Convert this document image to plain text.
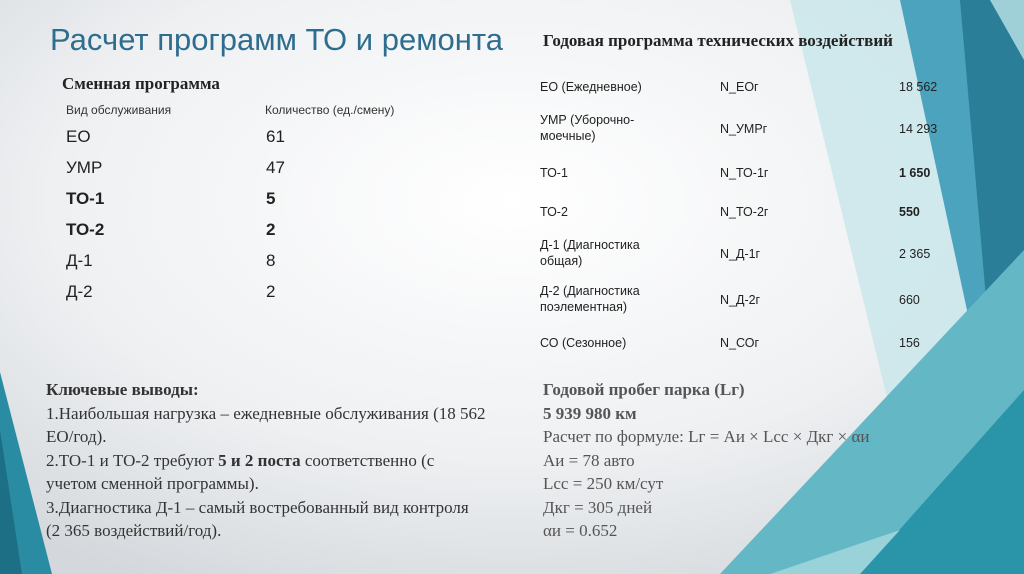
Расчет программ ТО и ремонта
Сменная программа
Вид обслуживания	Количество (ед./смену)
ЕО	61
УМР	47
ТО-1	5
ТО-2	2
Д-1	8
Д-2	2
Годовая программа технических воздействий
ЕО (Ежедневное)	N_ЕОг	18 562
УМР (Уборочно-моечные)	N_УМРг	14 293
ТО-1	N_ТО-1г	1 650
ТО-2	N_ТО-2г	550
Д-1 (Диагностика общая)	N_Д-1г	2 365
Д-2 (Диагностика поэлементная)	N_Д-2г	660
СО (Сезонное)	N_СОг	156
Ключевые выводы:
1.Наибольшая нагрузка – ежедневные обслуживания (18 562 ЕО/год).
2.ТО-1 и ТО-2 требуют 5 и 2 поста соответственно (с учетом сменной программы).
3.Диагностика Д-1 – самый востребованный вид контроля (2 365 воздействий/год).
Годовой пробег парка (Lг)
5 939 980 км
Расчет по формуле: Lг = Аи × Lсс × Дкг × αи
Аи = 78 авто
Lсс = 250 км/сут
Дкг = 305 дней
αи = 0.652
